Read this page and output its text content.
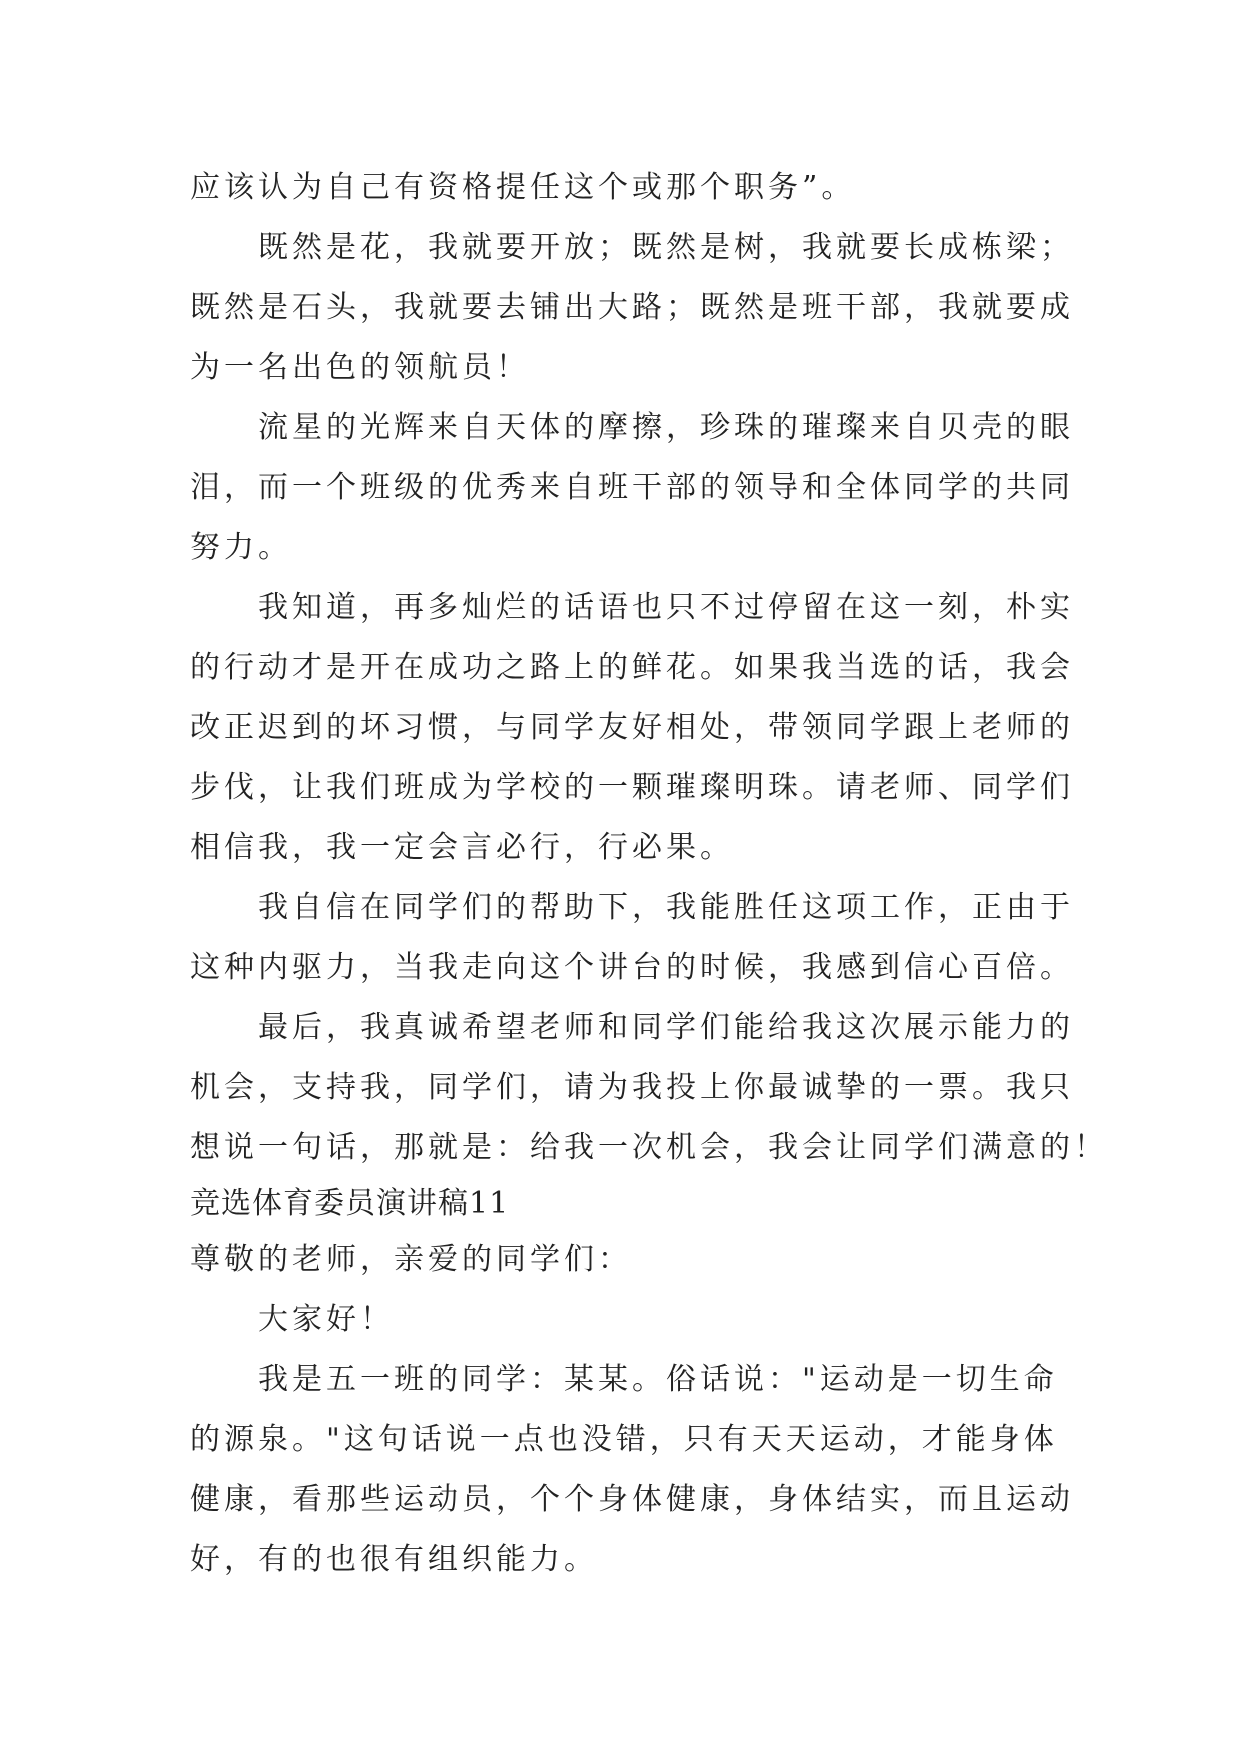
应该认为自己有资格提任这个或那个职务”。
既然是花，我就要开放；既然是树，我就要长成栋梁；
既然是石头，我就要去铺出大路；既然是班干部，我就要成
为一名出色的领航员！
流星的光辉来自天体的摩擦，珍珠的璀璨来自贝壳的眼
泪，而一个班级的优秀来自班干部的领导和全体同学的共同
努力。
我知道，再多灿烂的话语也只不过停留在这一刻，朴实
的行动才是开在成功之路上的鲜花。如果我当选的话，我会
改正迟到的坏习惯，与同学友好相处，带领同学跟上老师的
步伐，让我们班成为学校的一颗璀璨明珠。请老师、同学们
相信我，我一定会言必行，行必果。
我自信在同学们的帮助下，我能胜任这项工作，正由于
这种内驱力，当我走向这个讲台的时候，我感到信心百倍。
最后，我真诚希望老师和同学们能给我这次展示能力的
机会，支持我，同学们，请为我投上你最诚挚的一票。我只
想说一句话，那就是：给我一次机会，我会让同学们满意的！
竞选体育委员演讲稿11
尊敬的老师，亲爱的同学们：
大家好！
我是五一班的同学：某某。俗话说："运动是一切生命
的源泉。"这句话说一点也没错，只有天天运动，才能身体
健康，看那些运动员，个个身体健康，身体结实，而且运动
好，有的也很有组织能力。
